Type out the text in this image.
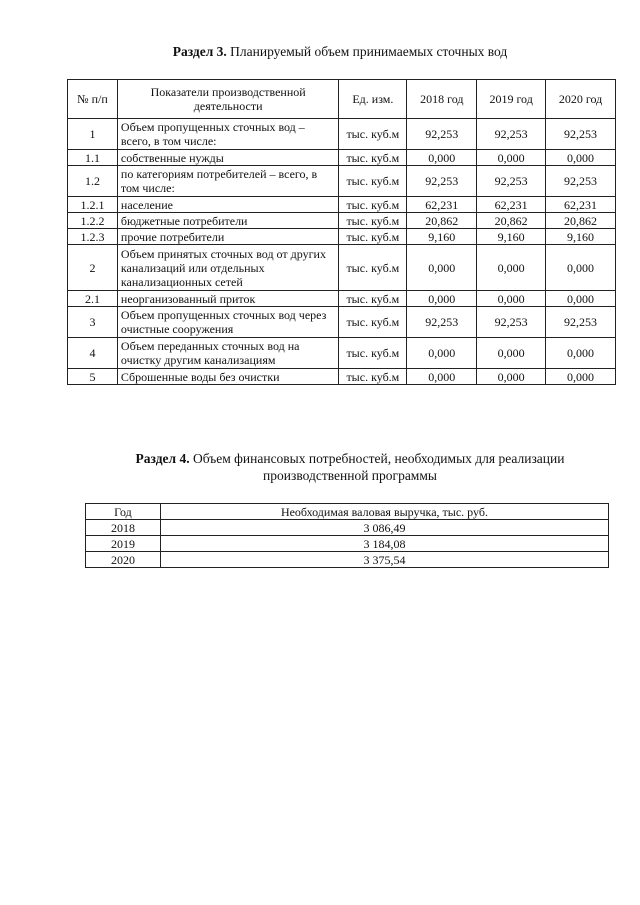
Раздел 3. Планируемый объем принимаемых сточных вод
№ п/п	Показатели производственной деятельности	Ед. изм.	2018 год	2019 год	2020 год
1	Объем пропущенных сточных вод – всего, в том числе:	тыс. куб.м	92,253	92,253	92,253
1.1	собственные нужды	тыс. куб.м	0,000	0,000	0,000
1.2	по категориям потребителей – всего, в том числе:	тыс. куб.м	92,253	92,253	92,253
1.2.1	население	тыс. куб.м	62,231	62,231	62,231
1.2.2	бюджетные потребители	тыс. куб.м	20,862	20,862	20,862
1.2.3	прочие потребители	тыс. куб.м	9,160	9,160	9,160
2	Объем принятых сточных вод от других канализаций или отдельных канализационных сетей	тыс. куб.м	0,000	0,000	0,000
2.1	неорганизованный приток	тыс. куб.м	0,000	0,000	0,000
3	Объем пропущенных сточных вод через очистные сооружения	тыс. куб.м	92,253	92,253	92,253
4	Объем переданных сточных вод на очистку другим канализациям	тыс. куб.м	0,000	0,000	0,000
5	Сброшенные воды без очистки	тыс. куб.м	0,000	0,000	0,000
Раздел 4. Объем финансовых потребностей, необходимых для реализации производственной программы
Год	Необходимая валовая выручка, тыс. руб.
2018	3 086,49
2019	3 184,08
2020	3 375,54
